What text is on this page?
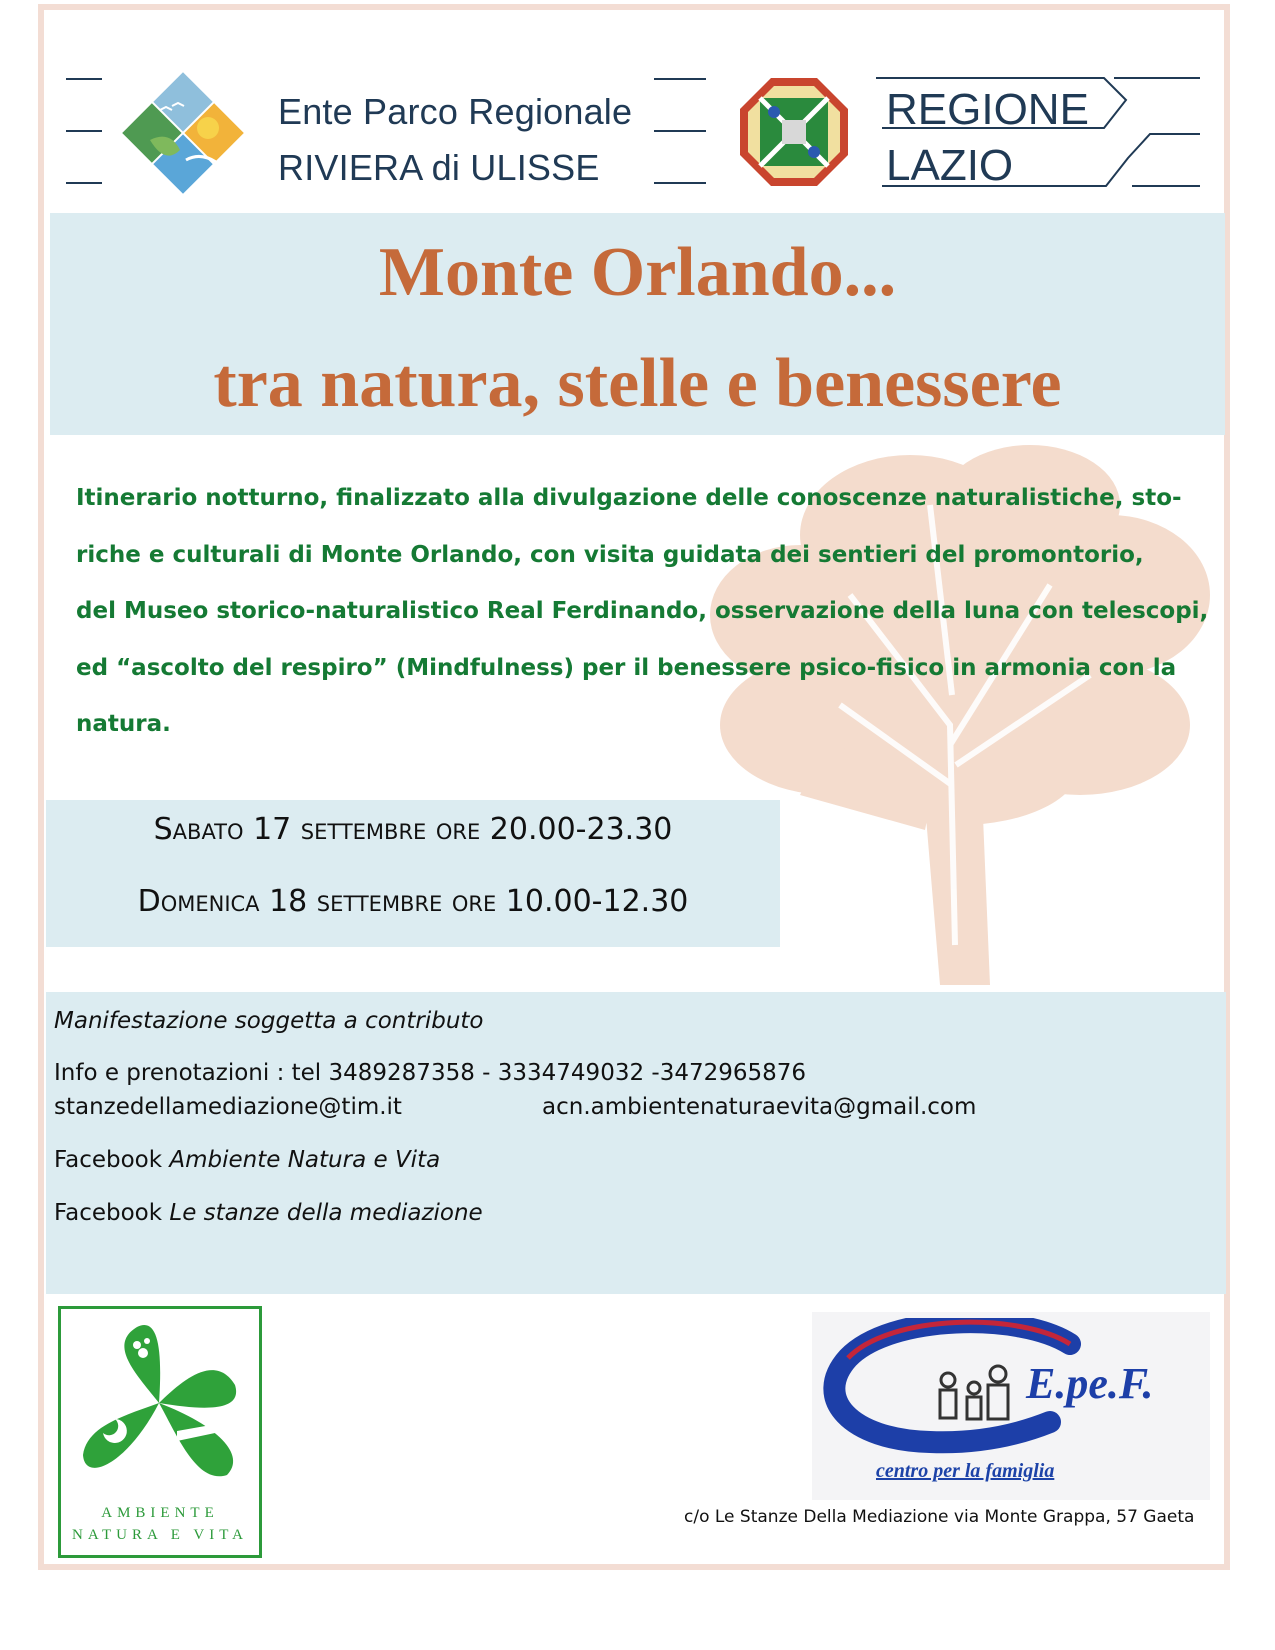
Ente Parco Regionale
RIVIERA di ULISSE
REGIONE
LAZIO
Monte Orlando...
tra natura, stelle e benessere
Itinerario notturno, finalizzato alla divulgazione delle conoscenze naturalistiche, sto-
riche e culturali di Monte Orlando, con visita guidata dei sentieri del promontorio,
del Museo storico-naturalistico Real Ferdinando, osservazione della luna con telescopi,
ed “ascolto del respiro” (Mindfulness) per il benessere psico-fisico in armonia con la
natura.
Sabato 17 settembre ore 20.00-23.30
Domenica 18 settembre ore 10.00-12.30
Manifestazione soggetta a contributo
Info e prenotazioni : tel 3489287358 - 3334749032 -3472965876
stanzedellamediazione@tim.it	acn.ambientenaturaevita@gmail.com
Facebook Ambiente Natura e Vita
Facebook Le stanze della mediazione
AMBIENTE
NATURA E VITA
E.pe.F.
centro per la famiglia
c/o Le Stanze Della Mediazione via Monte Grappa, 57 Gaeta
